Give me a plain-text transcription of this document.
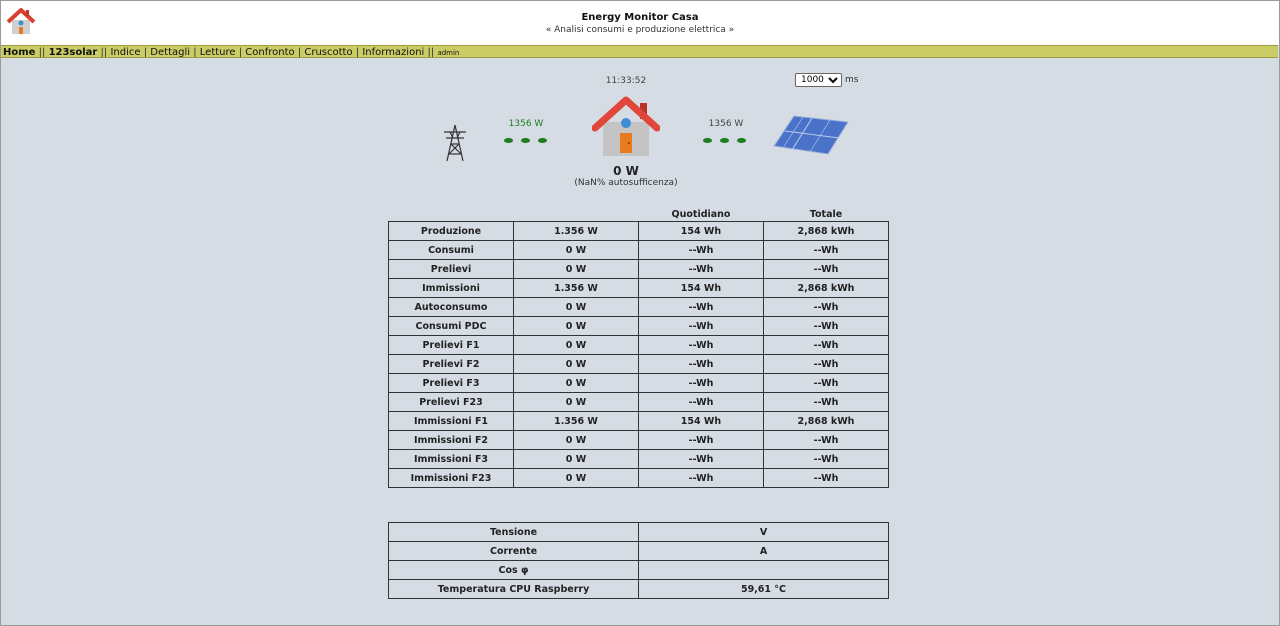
Energy Monitor Casa
« Analisi consumi e produzione elettrica »
Home || 123solar || Indice | Dettagli | Letture | Confronto | Cruscotto | Informazioni || admin
11:33:52
1000	ms
1356 W	1356 W
0 W
(NaN% autosufficenza)
		Quotidiano	Totale
Produzione	1.356 W	154 Wh	2,868 kWh
Consumi	0 W	--Wh	--Wh
Prelievi	0 W	--Wh	--Wh
Immissioni	1.356 W	154 Wh	2,868 kWh
Autoconsumo	0 W	--Wh	--Wh
Consumi PDC	0 W	--Wh	--Wh
Prelievi F1	0 W	--Wh	--Wh
Prelievi F2	0 W	--Wh	--Wh
Prelievi F3	0 W	--Wh	--Wh
Prelievi F23	0 W	--Wh	--Wh
Immissioni F1	1.356 W	154 Wh	2,868 kWh
Immissioni F2	0 W	--Wh	--Wh
Immissioni F3	0 W	--Wh	--Wh
Immissioni F23	0 W	--Wh	--Wh
Tensione	V
Corrente	A
Cos φ	
Temperatura CPU Raspberry	59,61 °C
